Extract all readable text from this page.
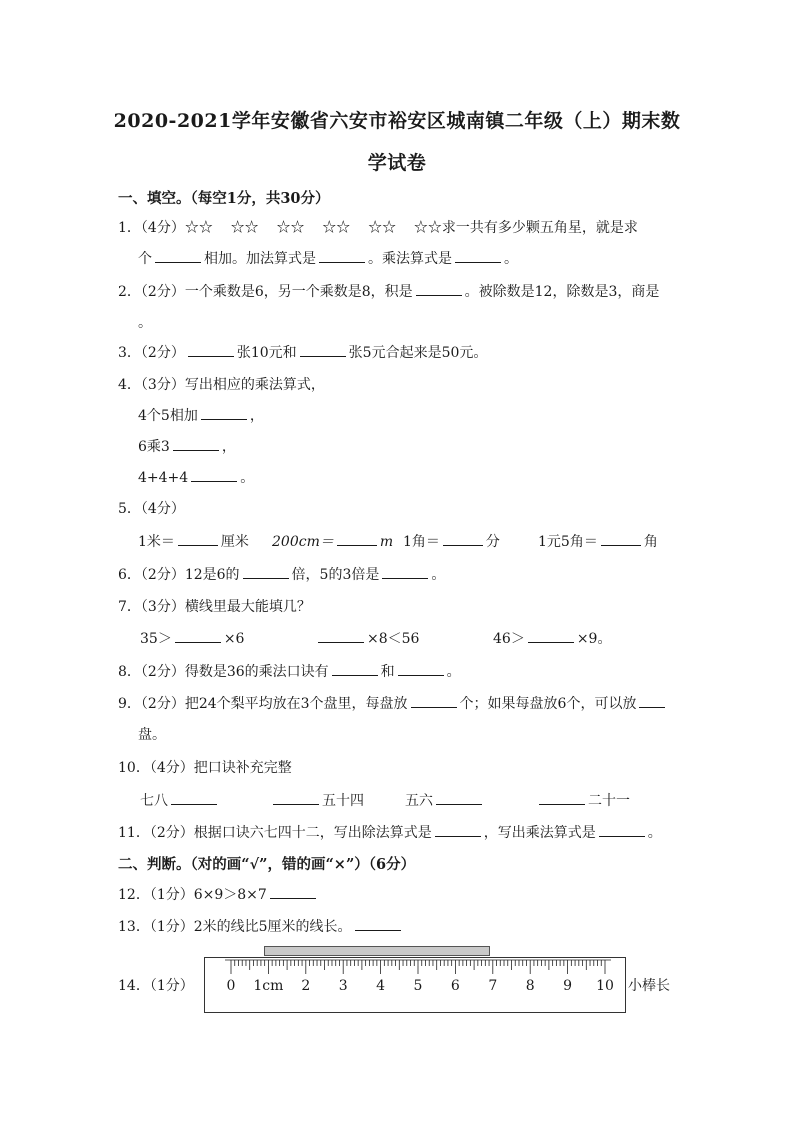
2020-2021学年安徽省六安市裕安区城南镇二年级（上）期末数
学试卷
一、填空。（每空1分，共30分）
1．（4分）☆☆ ☆☆ ☆☆ ☆☆ ☆☆ ☆☆求一共有多少颗五角星，就是求
个	相加。加法算式是	。乘法算式是	。
2．（2分）一个乘数是6，另一个乘数是8，积是	。被除数是12，除数是3，商是
。
3．（2分）	张10元和	张5元合起来是50元。
4．（3分）写出相应的乘法算式，
4个5相加	，
6乘3	，
4+4+4	。
5．（4分）
1米＝	厘米 200cm＝	m 1角＝	分	1元5角＝	角
6．（2分）12是6的	倍，5的3倍是	。
7．（3分）横线里最大能填几？
35＞	×6	×8＜56	46＞	×9。
8．（2分）得数是36的乘法口诀有	和	。
9．（2分）把24个梨平均放在3个盘里，每盘放	个；如果每盘放6个，可以放
盘。
10．（4分）把口诀补充完整
七八	五十四	五六	二十一
11．（2分）根据口诀六七四十二，写出除法算式是	，写出乘法算式是	。
二、判断。（对的画“√”，错的画“×”）（6分）
12．（1分）6×9＞8×7
13．（1分）2米的线比5厘米的线长。
14．（1分） 0 1cm 2 3 4 5 6 7 8 9 10 小棒长
